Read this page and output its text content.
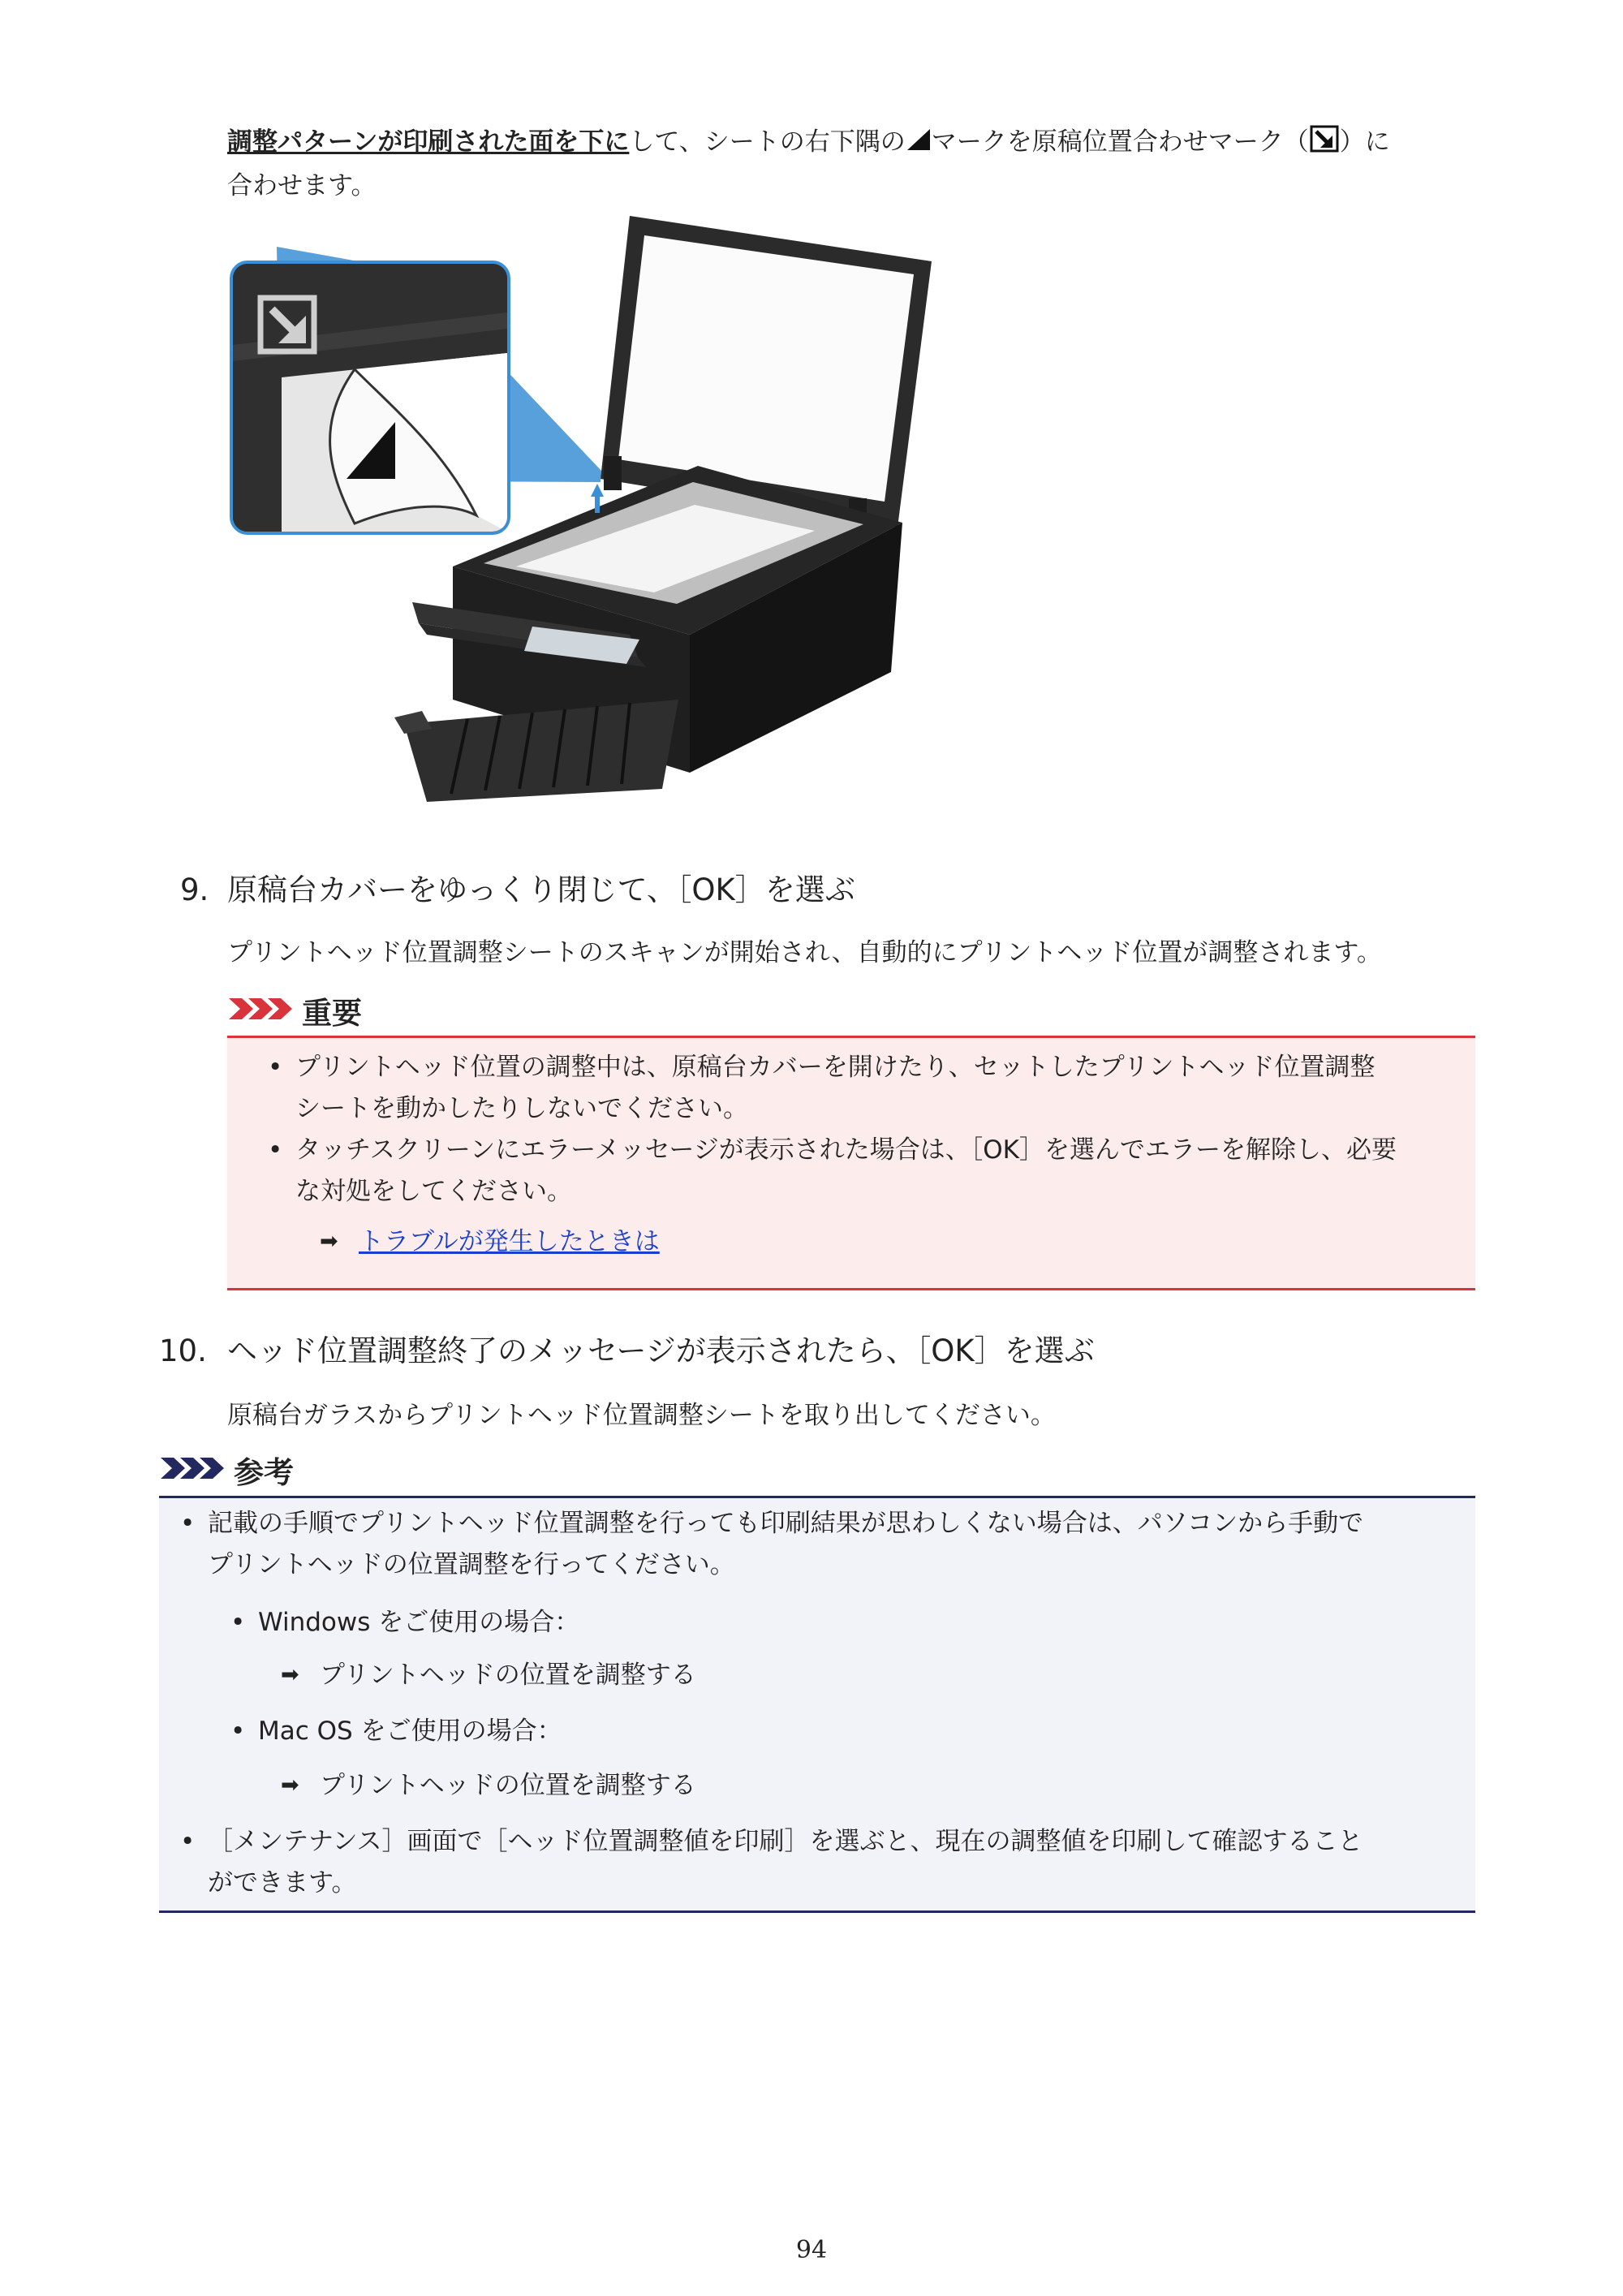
調整パターンが印刷された面を下にして、シートの右下隅の マークを原稿位置合わせマーク（ ）に
合わせます。
9. 原稿台カバーをゆっくり閉じて、［OK］を選ぶ
プリントヘッド位置調整シートのスキャンが開始され、自動的にプリントヘッド位置が調整されます。
重要
• プリントヘッド位置の調整中は、原稿台カバーを開けたり、セットしたプリントヘッド位置調整
シートを動かしたりしないでください。
• タッチスクリーンにエラーメッセージが表示された場合は、［OK］を選んでエラーを解除し、必要
な対処をしてください。
➡ トラブルが発生したときは
10. ヘッド位置調整終了のメッセージが表示されたら、［OK］を選ぶ
原稿台ガラスからプリントヘッド位置調整シートを取り出してください。
参考
• 記載の手順でプリントヘッド位置調整を行っても印刷結果が思わしくない場合は、パソコンから手動で
プリントヘッドの位置調整を行ってください。
• Windows をご使用の場合：
➡ プリントヘッドの位置を調整する
• Mac OS をご使用の場合：
➡ プリントヘッドの位置を調整する
• ［メンテナンス］画面で［ヘッド位置調整値を印刷］を選ぶと、現在の調整値を印刷して確認すること
ができます。
94
